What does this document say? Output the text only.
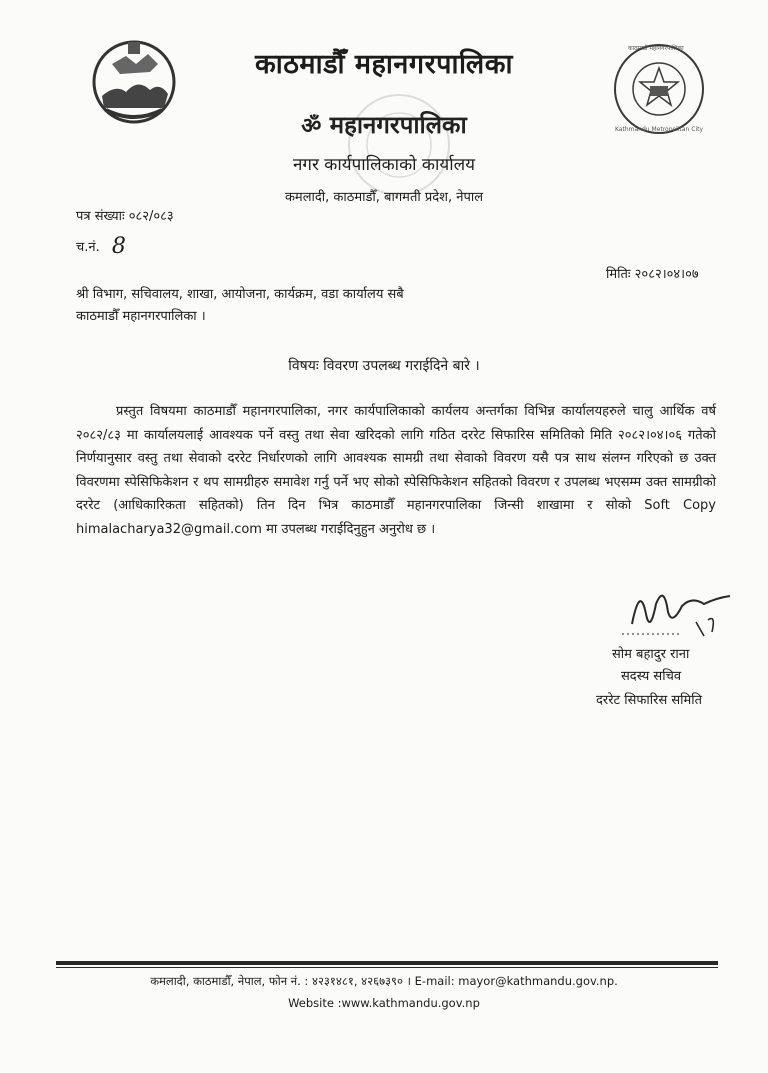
काठमाडौं महानगरपालिका
नेपाल
Kathmandu Metropolitan City
काठमाडौँ महानगरपालिका
ॐ महानगरपालिका
नगर कार्यपालिकाको कार्यालय
कमलादी, काठमाडौँ, बागमती प्रदेश, नेपाल
पत्र संख्याः ०८२/०८३
च.नं. 8
मितिः २०८२।०४।०७
श्री विभाग, सचिवालय, शाखा, आयोजना, कार्यक्रम, वडा कार्यालय सबै
काठमाडौँ महानगरपालिका ।
विषयः विवरण उपलब्ध गराईदिने बारे ।
प्रस्तुत विषयमा काठमाडौँ महानगरपालिका, नगर कार्यपालिकाको कार्यलय अन्तर्गका विभिन्न कार्यालयहरुले चालु आर्थिक वर्ष २०८२/८३ मा कार्यालयलाई आवश्यक पर्ने वस्तु तथा सेवा खरिदको लागि गठित दररेट सिफारिस समितिको मिति २०८२।०४।०६ गतेको निर्णयानुसार वस्तु तथा सेवाको दररेट निर्धारणको लागि आवश्यक सामग्री तथा सेवाको विवरण यसै पत्र साथ संलग्न गरिएको छ उक्त विवरणमा स्पेसिफिकेशन र थप सामग्रीहरु समावेश गर्नु पर्ने भए सोको स्पेसिफिकेशन सहितको विवरण र उपलब्ध भएसम्म उक्त सामग्रीको दररेट (आधिकारिकता सहितको) तिन दिन भित्र काठमाडौँ महानगरपालिका जिन्सी शाखामा र सोको Soft Copy himalacharya32@gmail.com मा उपलब्ध गराईदिनुहुन अनुरोध छ ।
सोम बहादुर राना
सदस्य सचिव
दररेट सिफारिस समिति
कमलादी, काठमाडौँ, नेपाल, फोन नं. : ४२३१४८१, ४२६७३९० । E-mail: mayor@kathmandu.gov.np.
Website :www.kathmandu.gov.np
